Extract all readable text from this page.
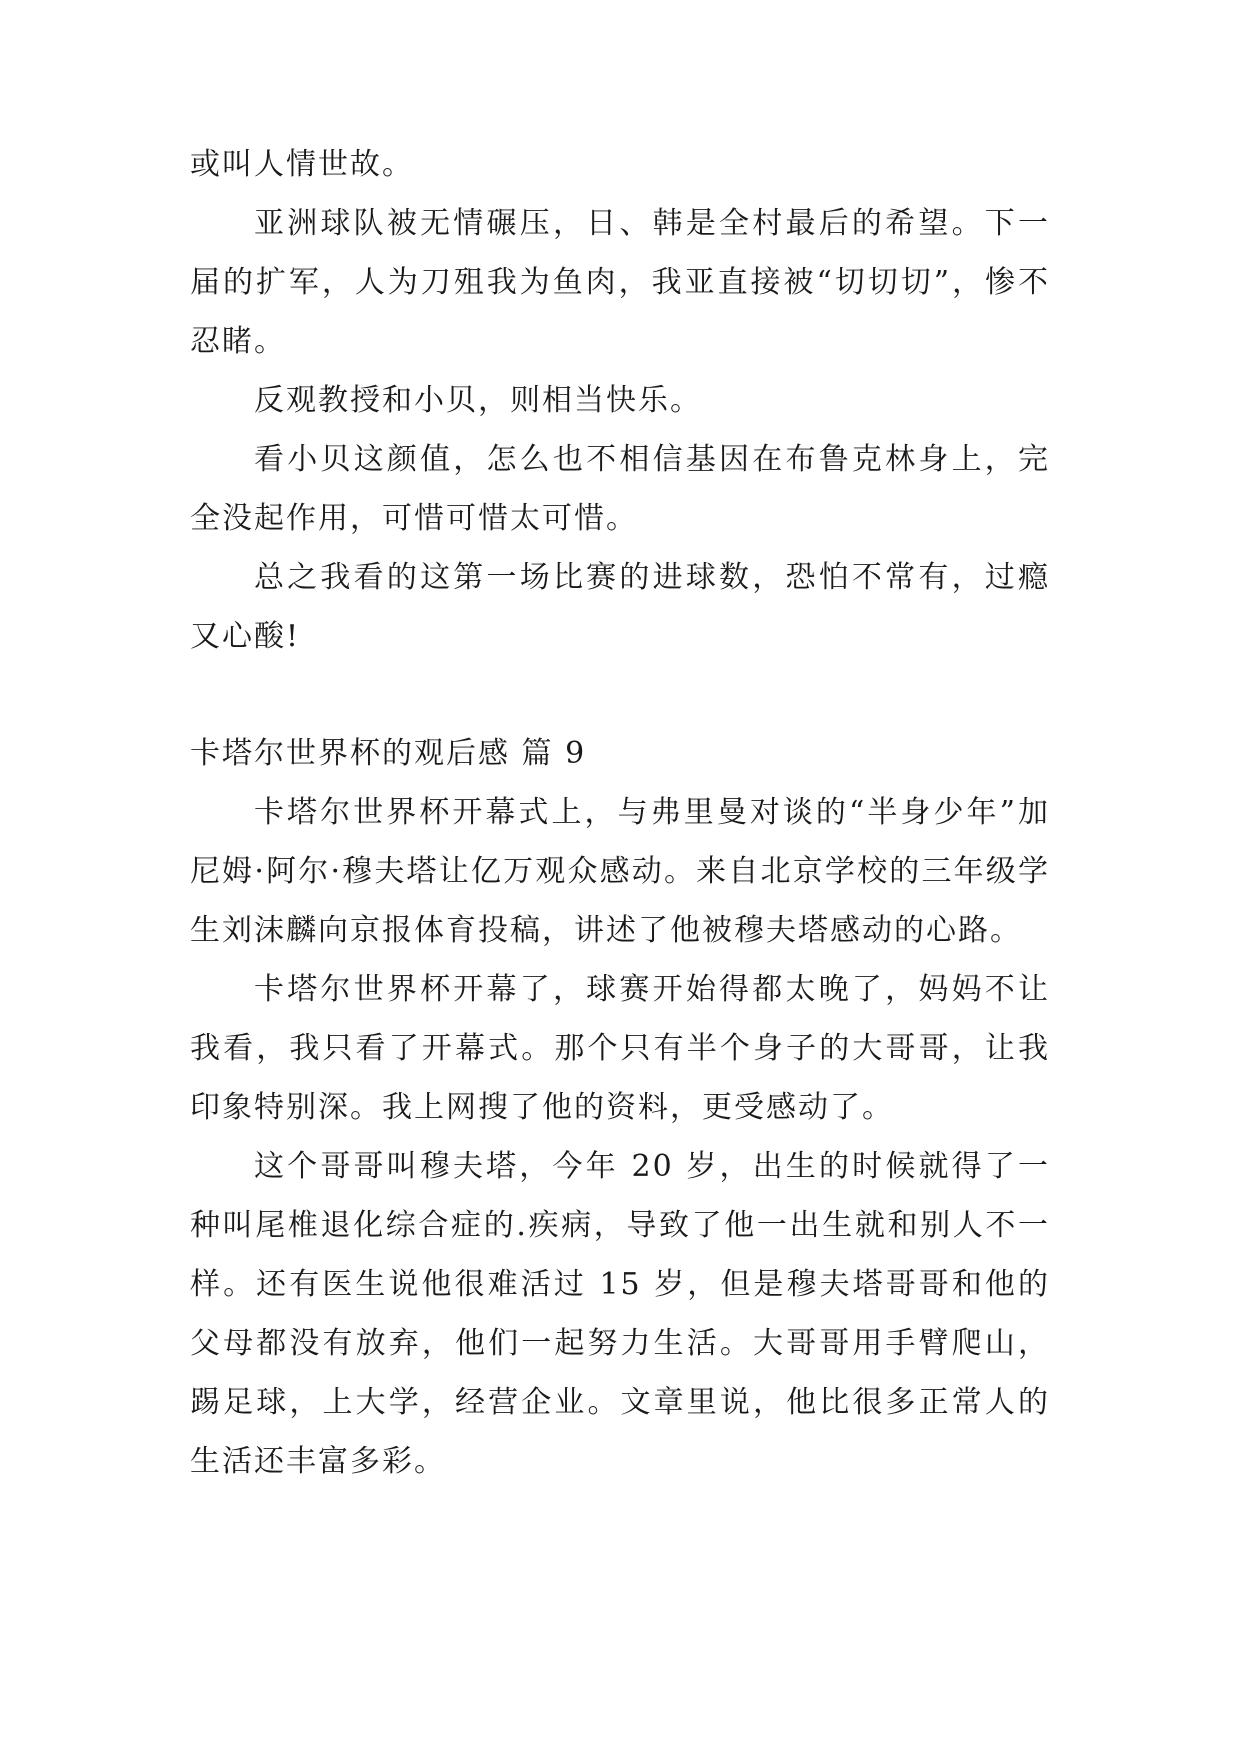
或叫人情世故。

亚洲球队被无情碾压，日、韩是全村最后的希望。下一届的扩军，人为刀殂我为鱼肉，我亚直接被“切切切”，惨不忍睹。

反观教授和小贝，则相当快乐。

看小贝这颜值，怎么也不相信基因在布鲁克林身上，完全没起作用，可惜可惜太可惜。

总之我看的这第一场比赛的进球数，恐怕不常有，过瘾又心酸!

卡塔尔世界杯的观后感 篇 9

卡塔尔世界杯开幕式上，与弗里曼对谈的“半身少年”加尼姆·阿尔·穆夫塔让亿万观众感动。来自北京学校的三年级学生刘沫麟向京报体育投稿，讲述了他被穆夫塔感动的心路。

卡塔尔世界杯开幕了，球赛开始得都太晚了，妈妈不让我看，我只看了开幕式。那个只有半个身子的大哥哥，让我印象特别深。我上网搜了他的资料，更受感动了。

这个哥哥叫穆夫塔，今年 20 岁，出生的时候就得了一种叫尾椎退化综合症的.疾病，导致了他一出生就和别人不一样。还有医生说他很难活过 15 岁，但是穆夫塔哥哥和他的父母都没有放弃，他们一起努力生活。大哥哥用手臂爬山，踢足球，上大学，经营企业。文章里说，他比很多正常人的生活还丰富多彩。
